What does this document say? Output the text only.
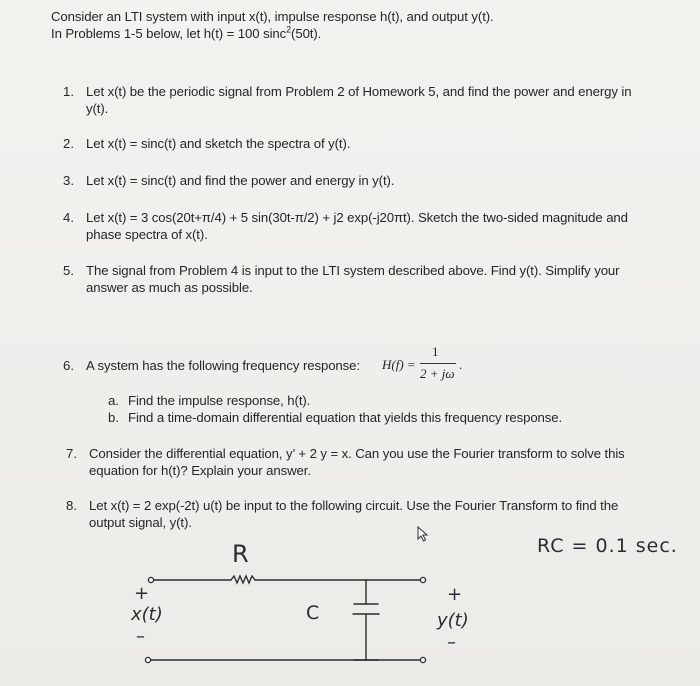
Consider an LTI system with input x(t), impulse response h(t), and output y(t).
In Problems 1-5 below, let h(t) = 100 sinc$^2$(50t).
1. Let x(t) be the periodic signal from Problem 2 of Homework 5, and find the power and energy in
y(t).
2. Let x(t) = sinc(t) and sketch the spectra of y(t).
3. Let x(t) = sinc(t) and find the power and energy in y(t).
4. Let x(t) = 3 cos(20t+π/4) + 5 sin(30t-π/2) + j2 exp(-j20πt). Sketch the two-sided magnitude and
phase spectra of x(t).
5. The signal from Problem 4 is input to the LTI system described above. Find y(t). Simplify your
answer as much as possible.
6. A system has the following frequency response: H(f) =
1
2 + jω
.
a. Find the impulse response, h(t).
b. Find a time-domain differential equation that yields this frequency response.
7. Consider the differential equation, y’ + 2 y = x. Can you use the Fourier transform to solve this
equation for h(t)? Explain your answer.
8. Let x(t) = 2 exp(-2t) u(t) be input to the following circuit. Use the Fourier Transform to find the
output signal, y(t).
RC = 0.1 sec.
R
C
x(t)
+
–
y(t)
+
–
